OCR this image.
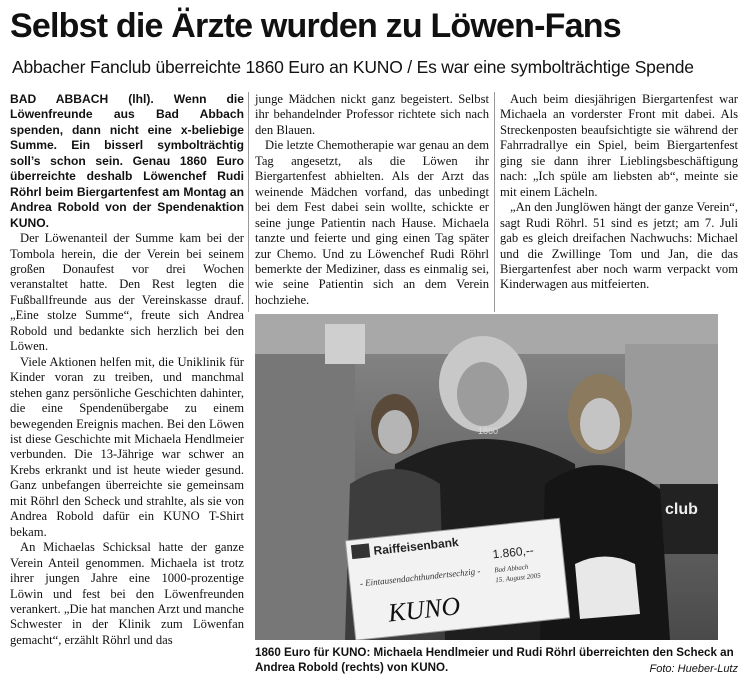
Selbst die Ärzte wurden zu Löwen-Fans
Abbacher Fanclub überreichte 1860 Euro an KUNO / Es war eine symbolträchtige Spende

BAD ABBACH (lhl). Wenn die Löwenfreunde aus Bad Abbach spenden, dann nicht eine x-beliebige Summe. Ein bisserl symbolträchtig soll’s schon sein. Genau 1860 Euro überreichte deshalb Löwenchef Rudi Röhrl beim Biergartenfest am Montag an Andrea Robold von der Spendenaktion KUNO.

Der Löwenanteil der Summe kam bei der Tombola herein, die der Verein bei seinem großen Donaufest vor drei Wochen veranstaltet hatte. Den Rest legten die Fußballfreunde aus der Vereinskasse drauf. „Eine stolze Summe“, freute sich Andrea Robold und bedankte sich herzlich bei den Löwen.

Viele Aktionen helfen mit, die Uniklinik für Kinder voran zu treiben, und manchmal stehen ganz persönliche Geschichten dahinter, die eine Spendenübergabe zu einem bewegenden Ereignis machen. Bei den Löwen ist diese Geschichte mit Michaela Hendlmeier verbunden. Die 13-Jährige war schwer an Krebs erkrankt und ist heute wieder gesund. Ganz unbefangen überreichte sie gemeinsam mit Röhrl den Scheck und strahlte, als sie von Andrea Robold dafür ein KUNO T-Shirt bekam.

An Michaelas Schicksal hatte der ganze Verein Anteil genommen. Michaela ist trotz ihrer jungen Jahre eine 1000-prozentige Löwin und fest bei den Löwenfreunden verankert. „Die hat manchen Arzt und manche Schwester in der Klinik zum Löwenfan gemacht“, erzählt Röhrl und das

junge Mädchen nickt ganz begeistert. Selbst ihr behandelnder Professor richtete sich nach den Blauen.

Die letzte Chemotherapie war genau an dem Tag angesetzt, als die Löwen ihr Biergartenfest abhielten. Als der Arzt das weinende Mädchen vorfand, das unbedingt bei dem Fest dabei sein wollte, schickte er seine junge Patientin nach Hause. Michaela tanzte und feierte und ging einen Tag später zur Chemo. Und zu Löwenchef Rudi Röhrl bemerkte der Mediziner, dass es einmalig sei, wie seine Patientin sich an dem Verein hochziehe.

Auch beim diesjährigen Biergartenfest war Michaela an vorderster Front mit dabei. Als Streckenposten beaufsichtigte sie während der Fahrradrallye ein Spiel, beim Biergartenfest ging sie dann ihrer Lieblingsbeschäftigung nach: „Ich spüle am liebsten ab“, meinte sie mit einem Lächeln.

„An den Junglöwen hängt der ganze Verein“, sagt Rudi Röhrl. 51 sind es jetzt; am 7. Juli gab es gleich dreifachen Nachwuchs: Michael und die Zwillinge Tom und Jan, die das Biergartenfest aber noch warm verpackt vom Kinderwagen aus mitfeierten.

club
1860
Raiffeisenbank	1.860,--
- Eintausendachthundertsechzig - Bad Abbach
15. August 2005
KUNO
1860 Euro für KUNO: Michaela Hendlmeier und Rudi Röhrl überreichten den Scheck an Andrea Robold (rechts) von KUNO.	Foto: Hueber-Lutz
